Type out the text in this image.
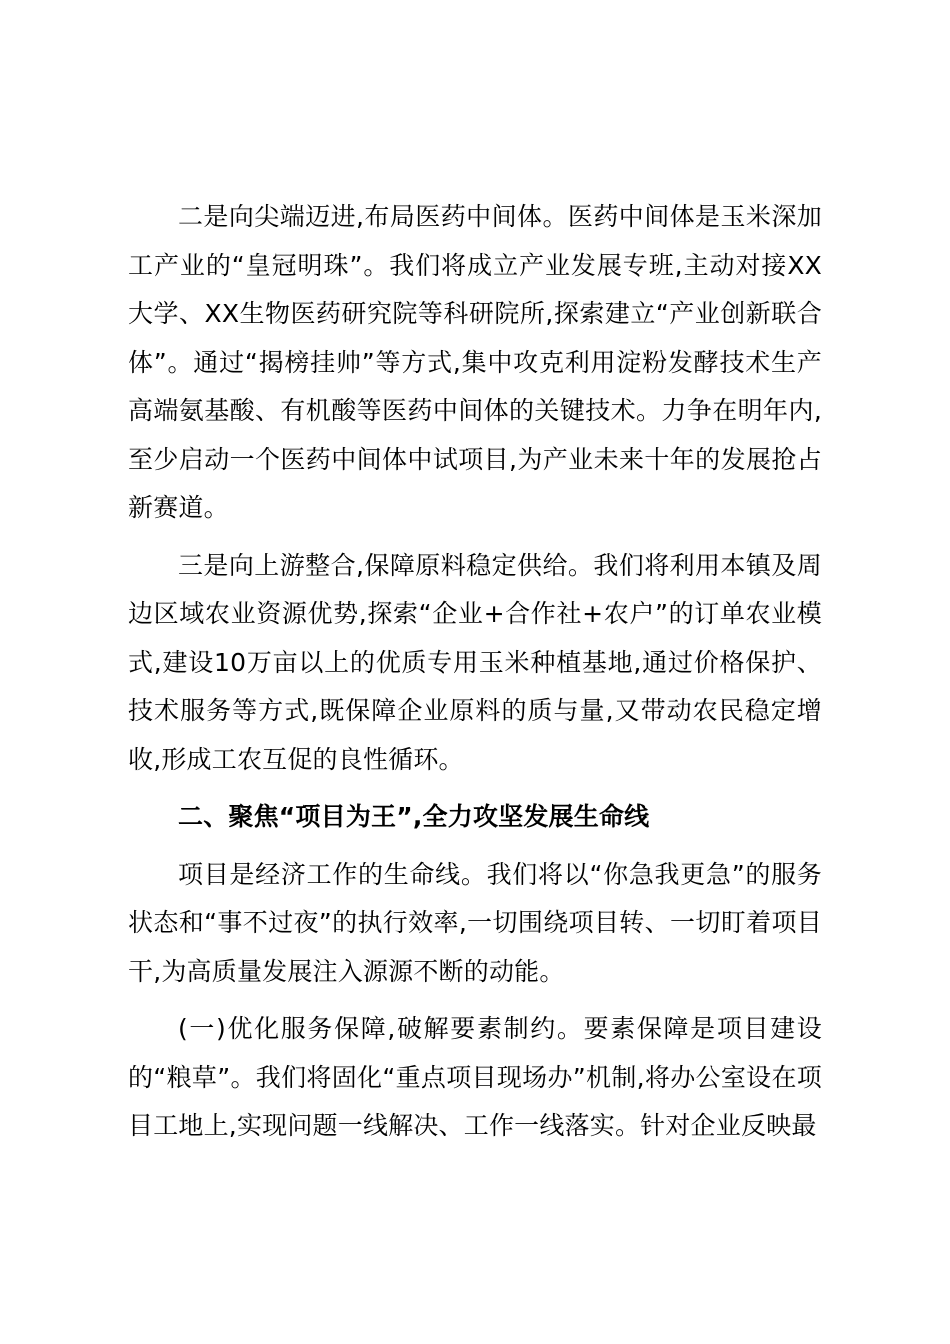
二是向尖端迈进,布局医药中间体。医药中间体是玉米深加工产业的“皇冠明珠”。我们将成立产业发展专班,主动对接XX大学、XX生物医药研究院等科研院所,探索建立“产业创新联合体”。通过“揭榜挂帅”等方式,集中攻克利用淀粉发酵技术生产高端氨基酸、有机酸等医药中间体的关键技术。力争在明年内,至少启动一个医药中间体中试项目,为产业未来十年的发展抢占新赛道。

三是向上游整合,保障原料稳定供给。我们将利用本镇及周边区域农业资源优势,探索“企业+合作社+农户”的订单农业模式,建设10万亩以上的优质专用玉米种植基地,通过价格保护、技术服务等方式,既保障企业原料的质与量,又带动农民稳定增收,形成工农互促的良性循环。

二、聚焦“项目为王”,全力攻坚发展生命线

项目是经济工作的生命线。我们将以“你急我更急”的服务状态和“事不过夜”的执行效率,一切围绕项目转、一切盯着项目干,为高质量发展注入源源不断的动能。

(一)优化服务保障,破解要素制约。要素保障是项目建设的“粮草”。我们将固化“重点项目现场办”机制,将办公室设在项目工地上,实现问题一线解决、工作一线落实。针对企业反映最
